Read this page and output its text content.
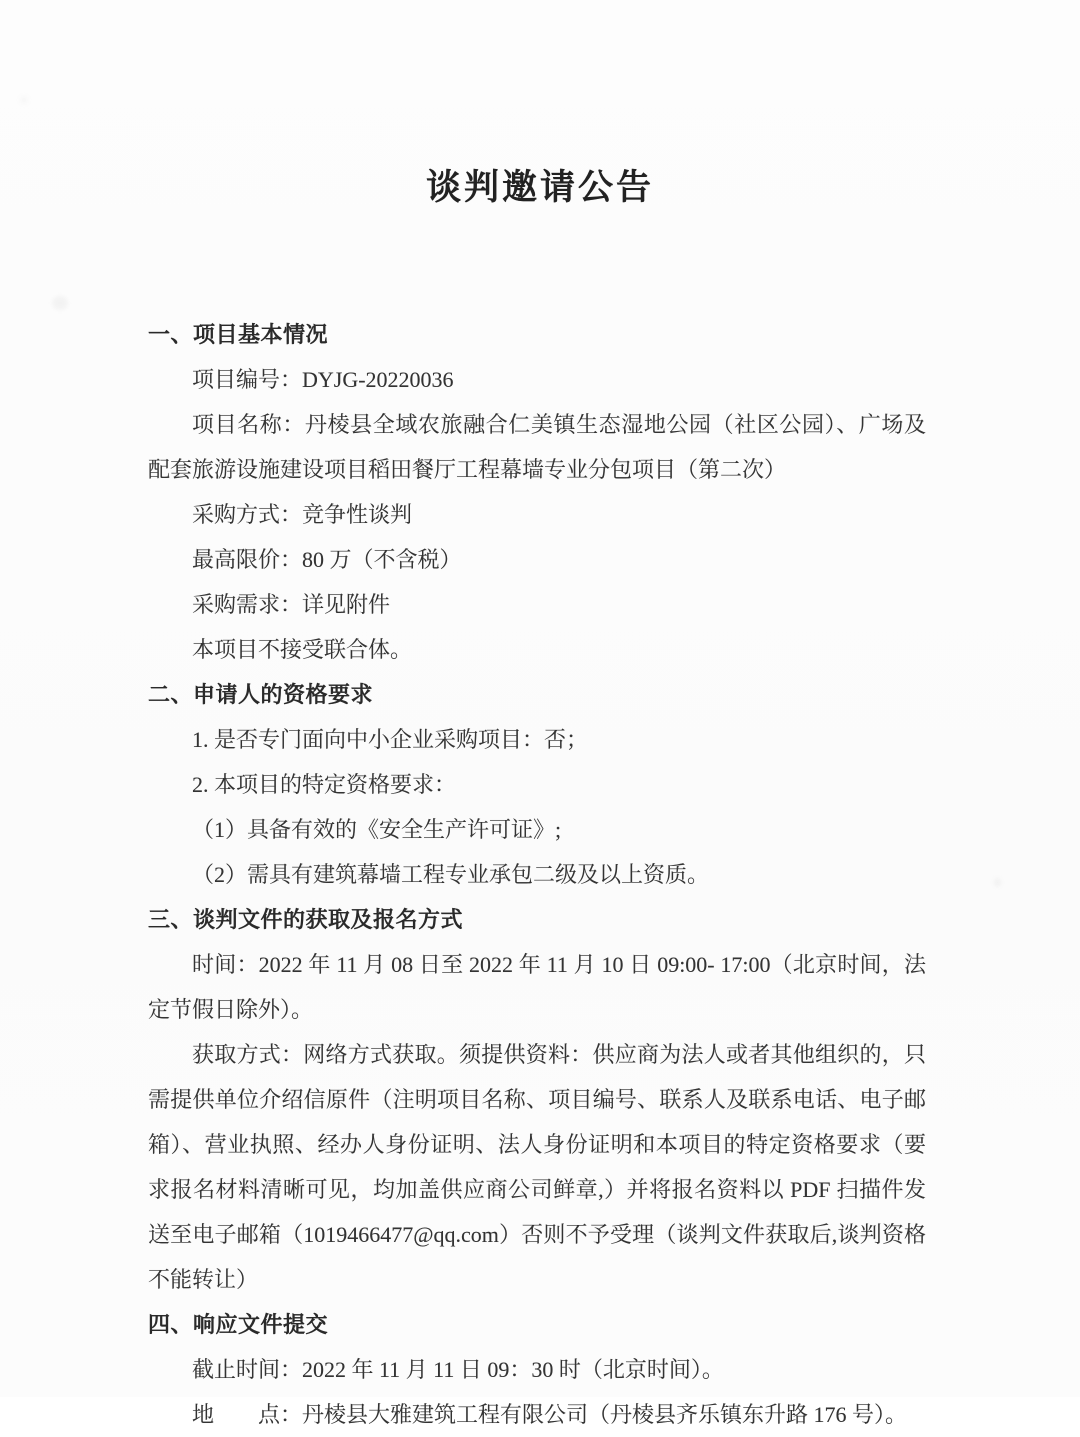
谈判邀请公告

一、项目基本情况

项目编号：DYJG-20220036

项目名称：丹棱县全域农旅融合仁美镇生态湿地公园（社区公园）、广场及配套旅游设施建设项目稻田餐厅工程幕墙专业分包项目（第二次）

采购方式：竞争性谈判

最高限价：80 万（不含税）

采购需求：详见附件

本项目不接受联合体。

二、申请人的资格要求

1. 是否专门面向中小企业采购项目：否；

2. 本项目的特定资格要求：

（1）具备有效的《安全生产许可证》;

（2）需具有建筑幕墙工程专业承包二级及以上资质。

三、谈判文件的获取及报名方式

时间：2022 年 11 月 08 日至 2022 年 11 月 10 日 09:00- 17:00（北京时间，法定节假日除外）。

获取方式：网络方式获取。须提供资料：供应商为法人或者其他组织的，只需提供单位介绍信原件（注明项目名称、项目编号、联系人及联系电话、电子邮箱）、营业执照、经办人身份证明、法人身份证明和本项目的特定资格要求（要求报名材料清晰可见，均加盖供应商公司鲜章,）并将报名资料以 PDF 扫描件发送至电子邮箱（1019466477@qq.com）否则不予受理（谈判文件获取后,谈判资格不能转让）

四、响应文件提交

截止时间：2022 年 11 月 11 日 09：30 时（北京时间）。

地　　点：丹棱县大雅建筑工程有限公司（丹棱县齐乐镇东升路 176 号）。
